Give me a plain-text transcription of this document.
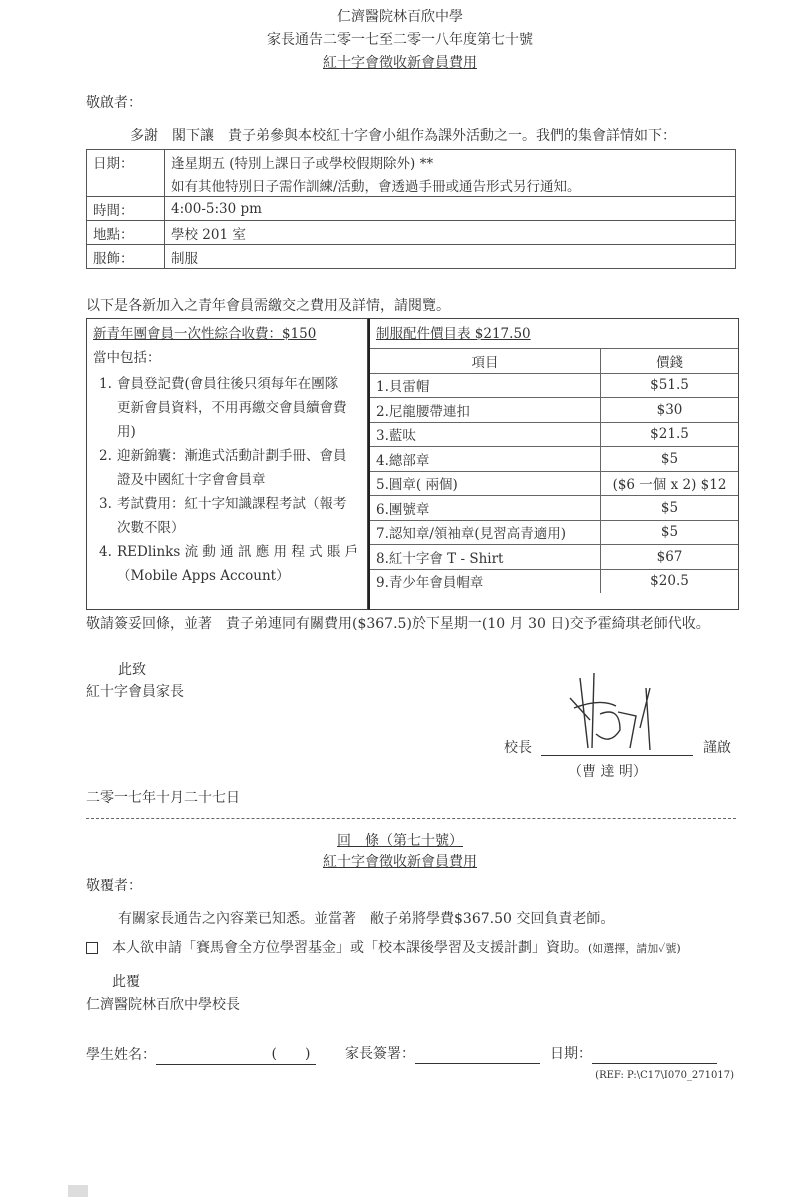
仁濟醫院林百欣中學
家長通告二零一七至二零一八年度第七十號
紅十字會徵收新會員費用
敬啟者：
多謝　閣下讓　貴子弟參與本校紅十字會小組作為課外活動之一。我們的集會詳情如下：
日期：	逢星期五 (特別上課日子或學校假期除外) **
	如有其他特別日子需作訓練/活動，會透過手冊或通告形式另行通知。
時間：	4:00-5:30 pm
地點：	學校 201 室
服飾：	制服
以下是各新加入之青年會員需繳交之費用及詳情，請閱覽。
新青年團會員一次性綜合收費：$150
當中包括：
1. 會員登記費(會員往後只須每年在團隊
更新會員資料，不用再繳交會員續會費
用)
2. 迎新錦囊：漸進式活動計劃手冊、會員
證及中國紅十字會會員章
3. 考試費用：紅十字知識課程考試（報考
次數不限）
4. REDlinks 流 動 通 訊 應 用 程 式 賬 戶
（Mobile Apps Account）
制服配件價目表 $217.50
項目	價錢
1.貝雷帽	$51.5
2.尼龍腰帶連扣	$30
3.藍呔	$21.5
4.總部章	$5
5.圓章( 兩個)	($6 一個 x 2) $12
6.團號章	$5
7.認知章/領袖章(見習高青適用)	$5
8.紅十字會 T - Shirt	$67
9.青少年會員帽章	$20.5
敬請簽妥回條，並著　貴子弟連同有關費用($367.5)於下星期一(10 月 30 日)交予霍綺琪老師代收。
此致
紅十字會員家長
校長	謹啟
（曹 達 明）
二零一七年十月二十七日
回　條（第七十號）
紅十字會徵收新會員費用
敬覆者：
有關家長通告之內容業已知悉。並當著　敝子弟將學費$367.50 交回負責老師。
本人欲申請「賽馬會全方位學習基金」或「校本課後學習及支援計劃」資助。(如選擇，請加✓號)
此覆
仁濟醫院林百欣中學校長
學生姓名：	(　　)	家長簽署：	日期：
(REF: P:\C17\I070_271017)
